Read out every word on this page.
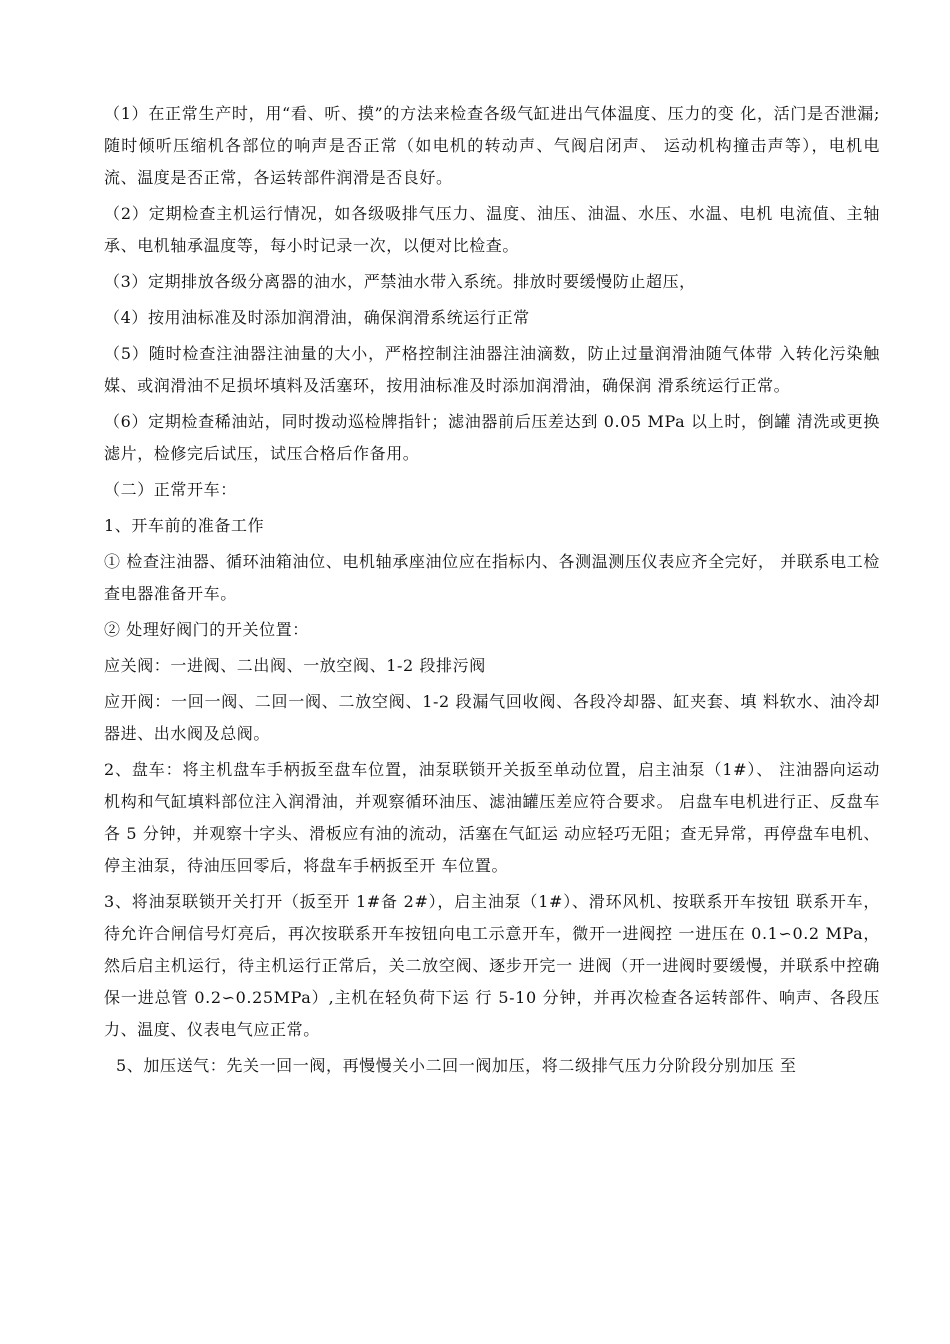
（1）在正常生产时，用“看、听、摸”的方法来检查各级气缸进出气体温度、压力的变 化，活门是否泄漏;随时倾听压缩机各部位的响声是否正常（如电机的转动声、气阀启闭声、 运动机构撞击声等），电机电流、温度是否正常，各运转部件润滑是否良好。

（2）定期检查主机运行情况，如各级吸排气压力、温度、油压、油温、水压、水温、电机 电流值、主轴承、电机轴承温度等，每小时记录一次，以便对比检查。

（3）定期排放各级分离器的油水，严禁油水带入系统。排放时要缓慢防止超压，

（4）按用油标准及时添加润滑油，确保润滑系统运行正常

（5）随时检查注油器注油量的大小，严格控制注油器注油滴数，防止过量润滑油随气体带 入转化污染触媒、或润滑油不足损坏填料及活塞环，按用油标准及时添加润滑油，确保润 滑系统运行正常。

（6）定期检查稀油站，同时拨动巡检牌指针；滤油器前后压差达到 0.05 MPa 以上时，倒罐 清洗或更换滤片，检修完后试压，试压合格后作备用。

（二）正常开车：

1、开车前的准备工作

① 检查注油器、循环油箱油位、电机轴承座油位应在指标内、各测温测压仪表应齐全完好， 并联系电工检查电器准备开车。

② 处理好阀门的开关位置：

应关阀：一进阀、二出阀、一放空阀、1-2 段排污阀

应开阀：一回一阀、二回一阀、二放空阀、1-2 段漏气回收阀、各段冷却器、缸夹套、填 料软水、油冷却器进、出水阀及总阀。

2、盘车：将主机盘车手柄扳至盘车位置，油泵联锁开关扳至单动位置，启主油泵（1#）、 注油器向运动机构和气缸填料部位注入润滑油，并观察循环油压、滤油罐压差应符合要求。 启盘车电机进行正、反盘车各 5 分钟，并观察十字头、滑板应有油的流动，活塞在气缸运 动应轻巧无阻；查无异常，再停盘车电机、停主油泵，待油压回零后，将盘车手柄扳至开 车位置。

3、将油泵联锁开关打开（扳至开 1#备 2#），启主油泵（1#）、滑环风机、按联系开车按钮 联系开车，待允许合闸信号灯亮后，再次按联系开车按钮向电工示意开车，微开一进阀控 一进压在 0.1∽0.2 MPa，然后启主机运行，待主机运行正常后，关二放空阀、逐步开完一 进阀（开一进阀时要缓慢，并联系中控确保一进总管 0.2∽0.25MPa）,主机在轻负荷下运 行 5-10 分钟，并再次检查各运转部件、响声、各段压力、温度、仪表电气应正常。

5、加压送气：先关一回一阀，再慢慢关小二回一阀加压，将二级排气压力分阶段分别加压 至
